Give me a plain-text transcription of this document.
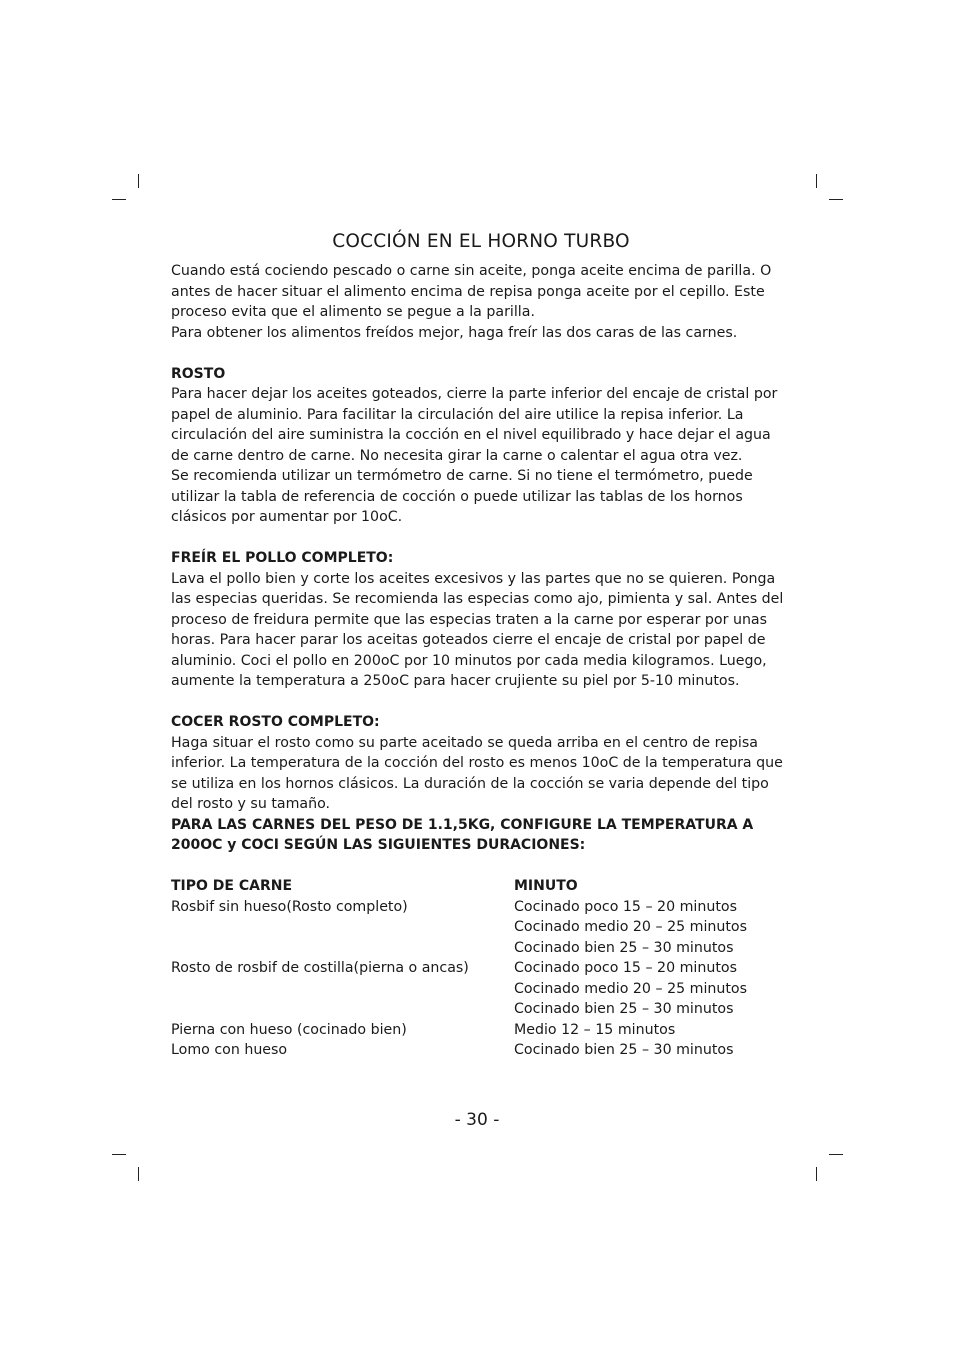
COCCIÓN EN EL HORNO TURBO

Cuando está cociendo pescado o carne sin aceite, ponga aceite encima de parilla. O antes de hacer situar el alimento encima de repisa ponga aceite por el cepillo. Este proceso evita que el alimento se pegue a la parilla.

Para obtener los alimentos freídos mejor, haga freír las dos caras de las carnes.

ROSTO

Para hacer dejar los aceites goteados, cierre la parte inferior del encaje de cristal por papel de aluminio. Para facilitar la circulación del aire utilice la repisa inferior. La circulación del aire suministra la cocción en el nivel equilibrado y hace dejar el agua de carne dentro de carne. No necesita girar la carne o calentar el agua otra vez.

Se recomienda utilizar un termómetro de carne. Si no tiene el termómetro, puede utilizar la tabla de referencia de cocción o puede utilizar las tablas de los hornos clásicos por aumentar por 10oC.

FREÍR EL POLLO COMPLETO:

Lava el pollo bien y corte los aceites excesivos y las partes que no se quieren. Ponga las especias queridas. Se recomienda las especias como ajo, pimienta y sal. Antes del proceso de freidura permite que las especias traten a la carne por esperar por unas horas. Para hacer parar los aceitas goteados cierre el encaje de cristal por papel de aluminio. Coci el pollo en 200oC por 10 minutos por cada media kilogramos. Luego, aumente la temperatura a 250oC para hacer crujiente su piel por 5-10 minutos.

COCER ROSTO COMPLETO:

Haga situar el rosto como su parte aceitado se queda arriba en el centro de repisa inferior. La temperatura de la cocción del rosto es menos 10oC de la temperatura que se utiliza en los hornos clásicos. La duración de la cocción se varia depende del tipo del rosto y su tamaño.

PARA LAS CARNES DEL PESO DE 1.1,5KG, CONFIGURE LA TEMPERATURA A 200OC y COCI SEGÚN LAS SIGUIENTES DURACIONES:

TIPO DE CARNE	MINUTO
Rosbif sin hueso(Rosto completo)	Cocinado poco 15 – 20 minutos
Cocinado medio 20 – 25 minutos
Cocinado bien 25 – 30 minutos
Rosto de rosbif de costilla(pierna o ancas)	Cocinado poco 15 – 20 minutos
Cocinado medio 20 – 25 minutos
Cocinado bien 25 – 30 minutos
Pierna con hueso (cocinado bien)	Medio 12 – 15 minutos
Lomo con hueso	Cocinado bien 25 – 30 minutos
- 30 -
